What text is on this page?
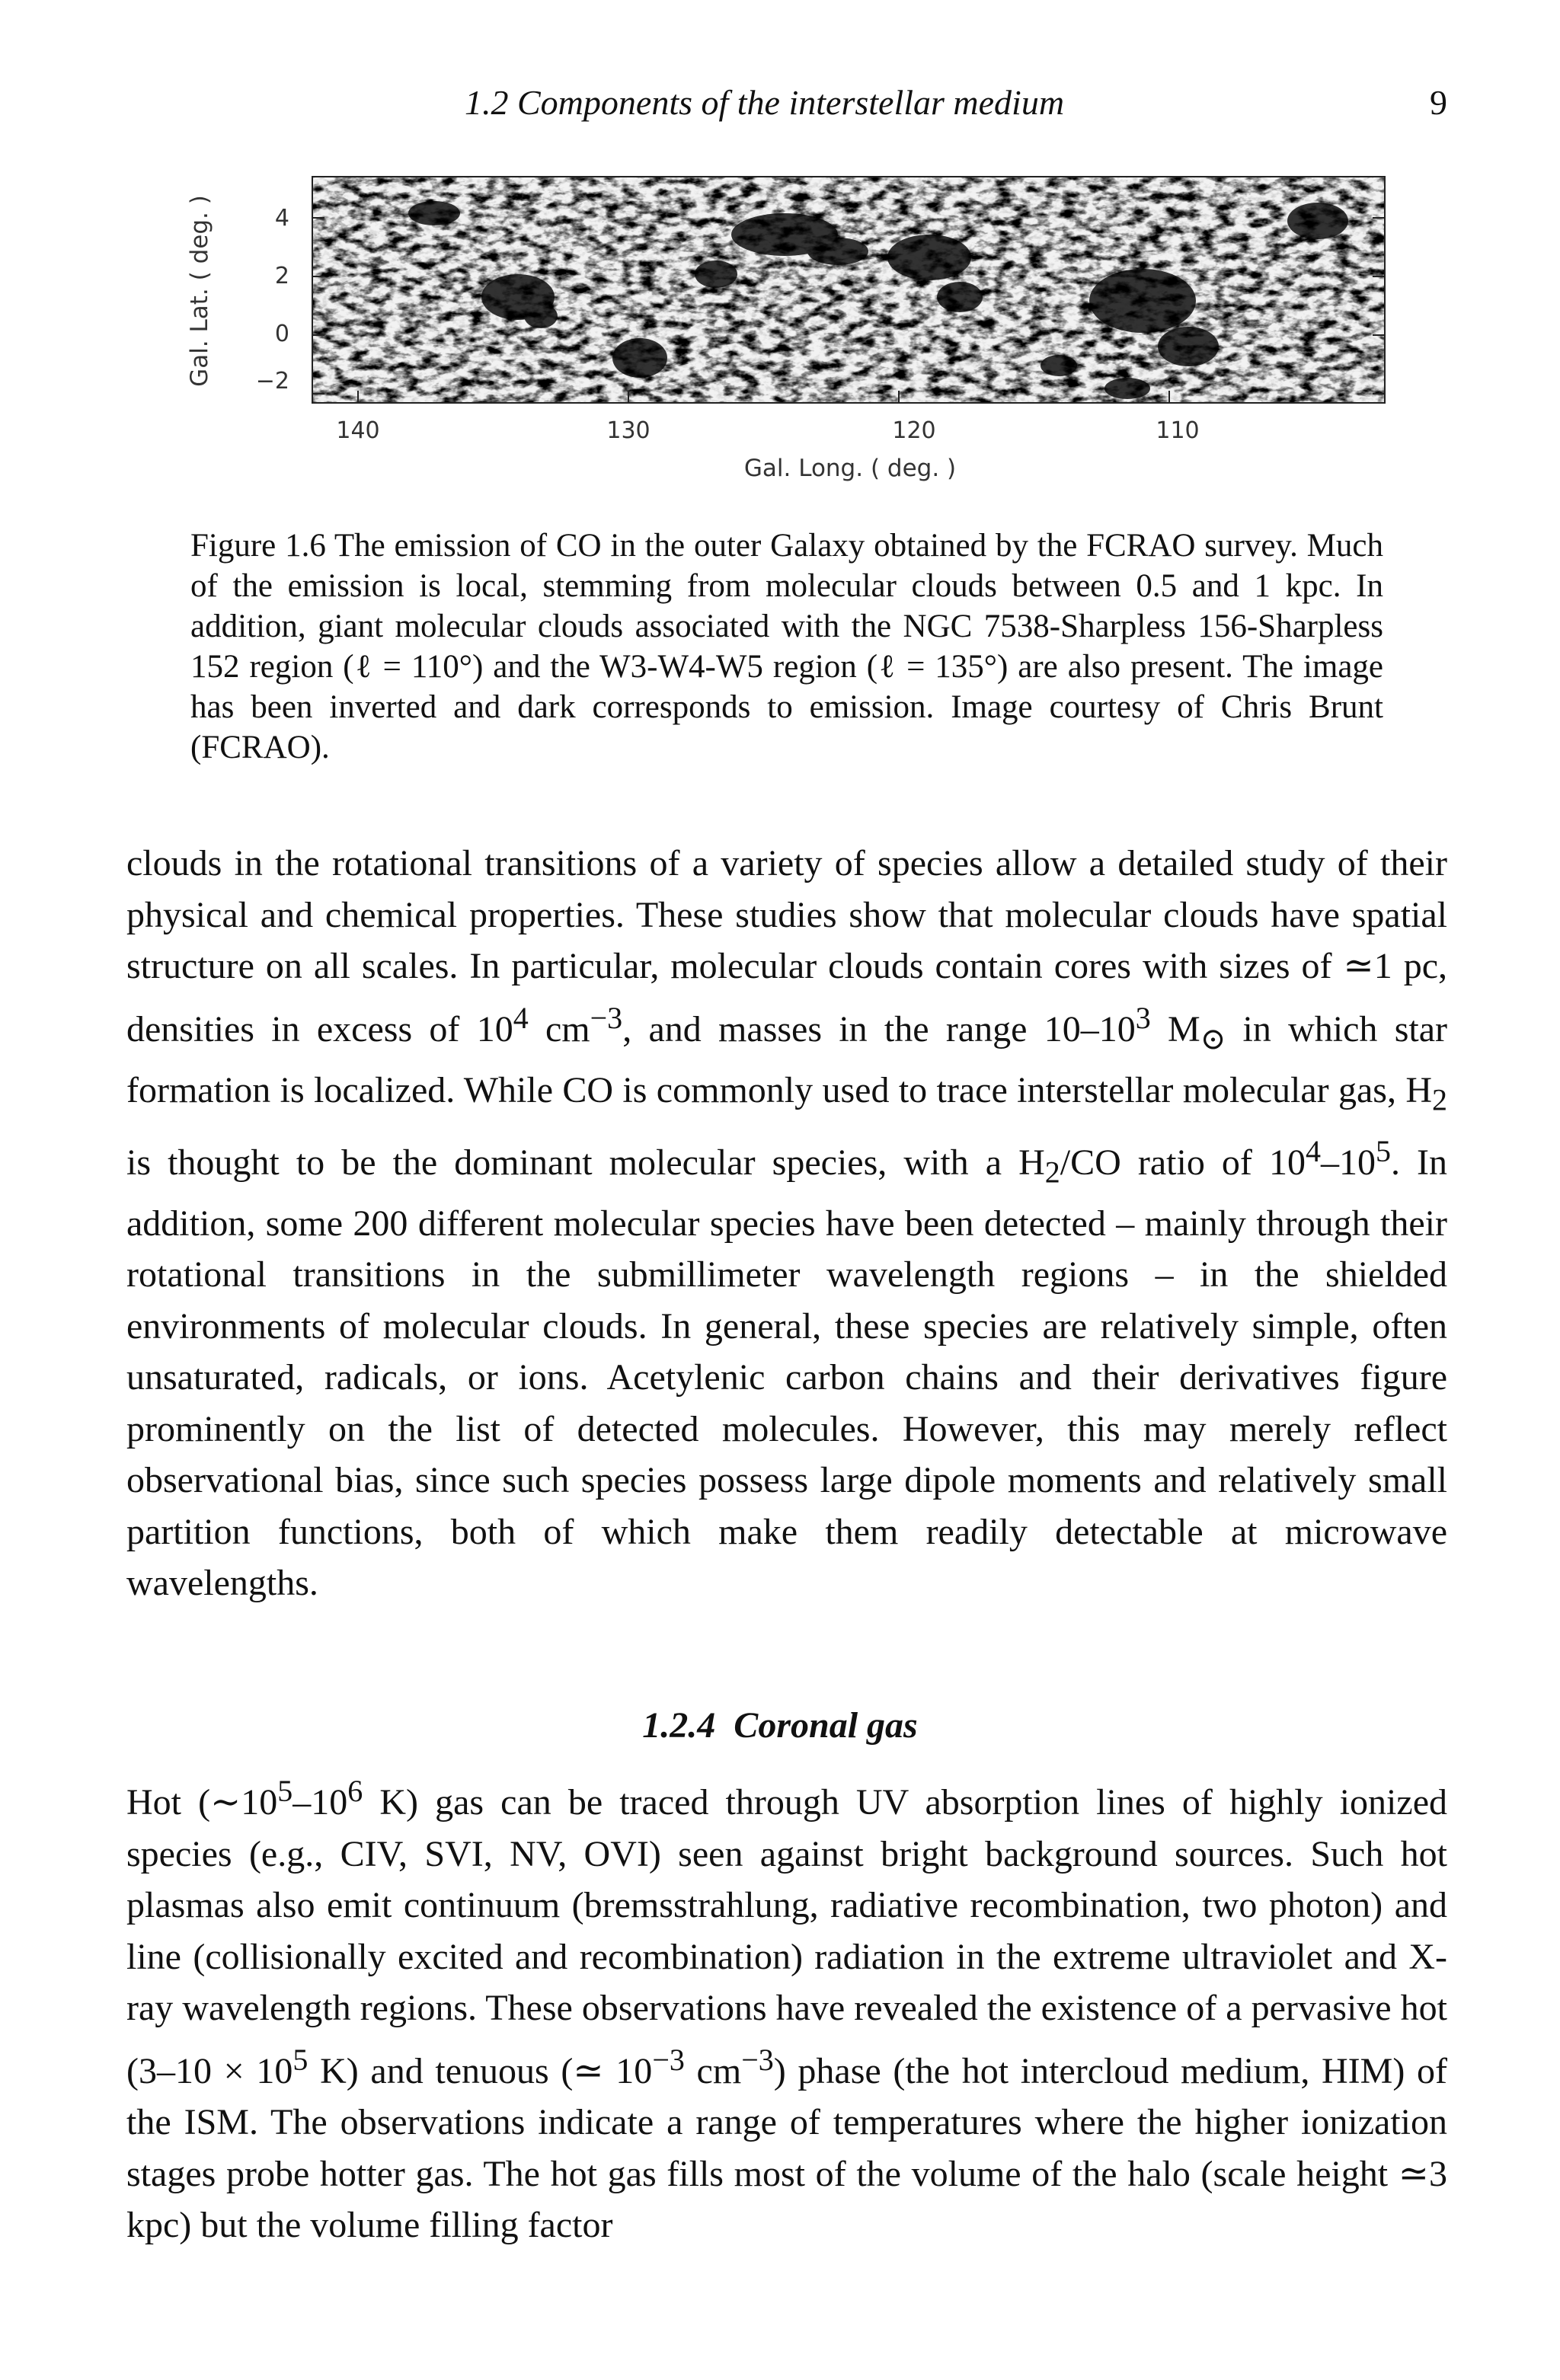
1.2 Components of the interstellar medium	9
4
2
0
−2
140	130	120	110
Gal. Long. ( deg. )
Gal. Lat. ( deg. )
Figure 1.6 The emission of CO in the outer Galaxy obtained by the FCRAO survey. Much of the emission is local, stemming from molecular clouds between 0.5 and 1 kpc. In addition, giant molecular clouds associated with the NGC 7538-Sharpless 156-Sharpless 152 region (ℓ = 110°) and the W3-W4-W5 region (ℓ = 135°) are also present. The image has been inverted and dark corresponds to emission. Image courtesy of Chris Brunt (FCRAO).
clouds in the rotational transitions of a variety of species allow a detailed study of their physical and chemical properties. These studies show that molecular clouds have spatial structure on all scales. In particular, molecular clouds contain cores with sizes of ≃1 pc, densities in excess of $10^4$ $cm^{-3}$, and masses in the range $10-10^3$ $M_⊙$ in which star formation is localized. While CO is commonly used to trace interstellar molecular gas, $H_2$ is thought to be the dominant molecular species, with a $H_2/CO$ ratio of $10^4-10^5$. In addition, some 200 different molecular species have been detected – mainly through their rotational transitions in the submillimeter wavelength regions – in the shielded environments of molecular clouds. In general, these species are relatively simple, often unsaturated, radicals, or ions. Acetylenic carbon chains and their derivatives figure prominently on the list of detected molecules. However, this may merely reflect observational bias, since such species possess large dipole moments and relatively small partition functions, both of which make them readily detectable at microwave wavelengths.
1.2.4 Coronal gas
Hot ($\sim 10^5-10^6$ K) gas can be traced through UV absorption lines of highly ionized species (e.g., CIV, SVI, NV, OVI) seen against bright background sources. Such hot plasmas also emit continuum (bremsstrahlung, radiative recombination, two photon) and line (collisionally excited and recombination) radiation in the extreme ultraviolet and X-ray wavelength regions. These observations have revealed the existence of a pervasive hot ($3-10 \times 10^5$ K) and tenuous (≃ $10^{-3}$ $cm^{-3}$) phase (the hot intercloud medium, HIM) of the ISM. The observations indicate a range of temperatures where the higher ionization stages probe hotter gas. The hot gas fills most of the volume of the halo (scale height ≃3 kpc) but the volume filling factor
